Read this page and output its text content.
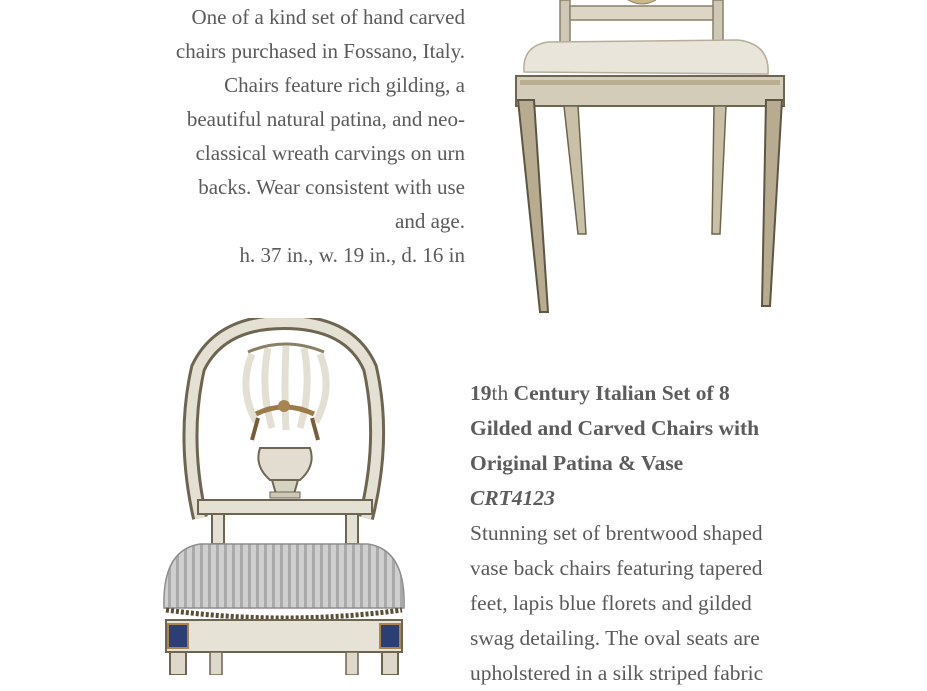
One of a kind set of hand carved
chairs purchased in Fossano, Italy.
Chairs feature rich gilding, a
beautiful natural patina, and neo-
classical wreath carvings on urn
backs. Wear consistent with use
and age.
h. 37 in., w. 19 in., d. 16 in
19th Century Italian Set of 8
Gilded and Carved Chairs with
Original Patina & Vase
CRT4123
Stunning set of brentwood shaped
vase back chairs featuring tapered
feet, lapis blue florets and gilded
swag detailing. The oval seats are
upholstered in a silk striped fabric
